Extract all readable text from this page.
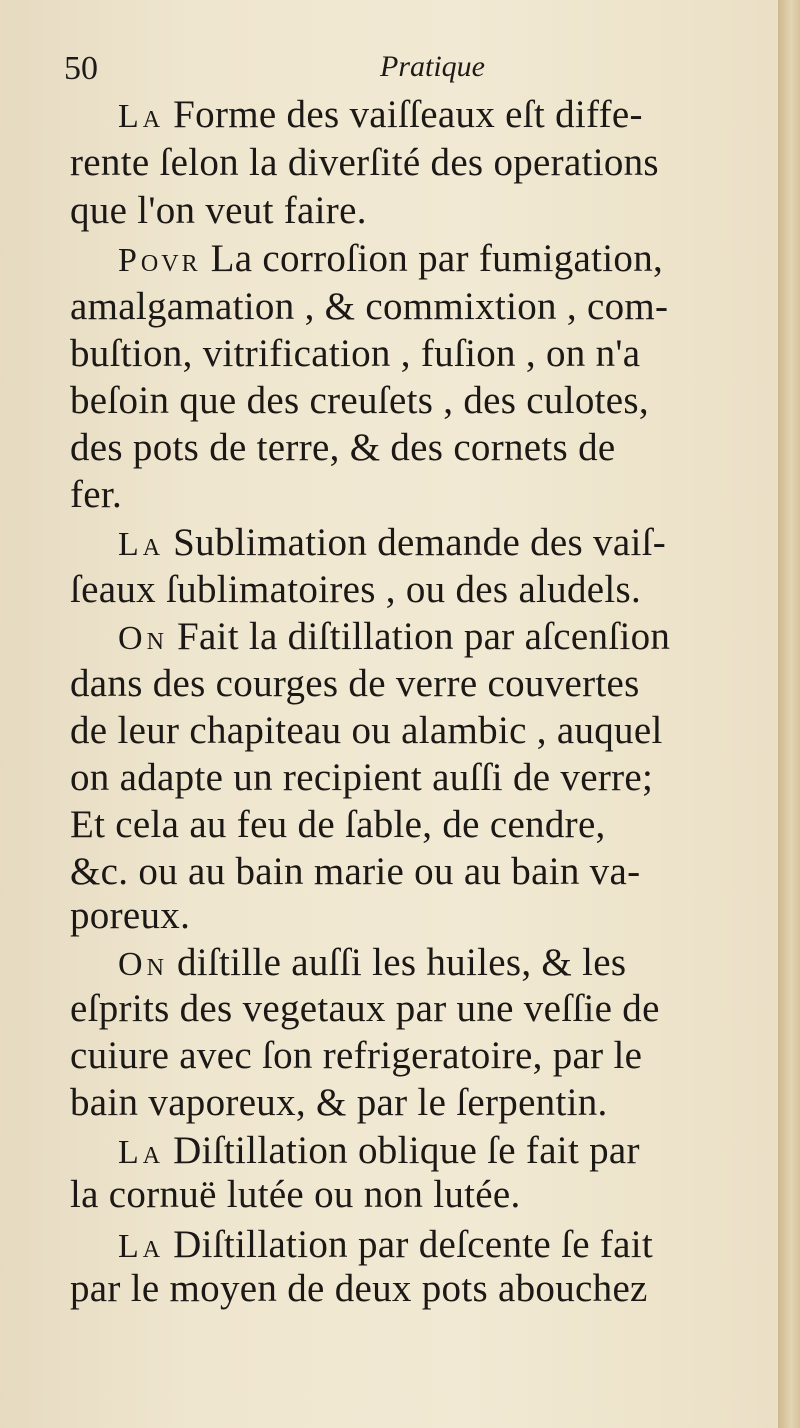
50	Pratique
LA Forme des vaiſſeaux eſt diffe-
rente ſelon la diverſité des operations
que l'on veut faire.
POVR La corroſion par fumigation,
amalgamation , & commixtion , com-
buſtion, vitrification , fuſion , on n'a
beſoin que des creuſets , des culotes,
des pots de terre, & des cornets de
fer.
LA Sublimation demande des vaiſ-
ſeaux ſublimatoires , ou des aludels.
ON Fait la diſtillation par aſcenſion
dans des courges de verre couvertes
de leur chapiteau ou alambic , auquel
on adapte un recipient auſſi de verre;
Et cela au feu de ſable, de cendre,
&c. ou au bain marie ou au bain va-
poreux.
ON diſtille auſſi les huiles, & les
eſprits des vegetaux par une veſſie de
cuiure avec ſon refrigeratoire, par le
bain vaporeux, & par le ſerpentin.
LA Diſtillation oblique ſe fait par
la cornuë lutée ou non lutée.
LA Diſtillation par deſcente ſe fait
par le moyen de deux pots abouchez
